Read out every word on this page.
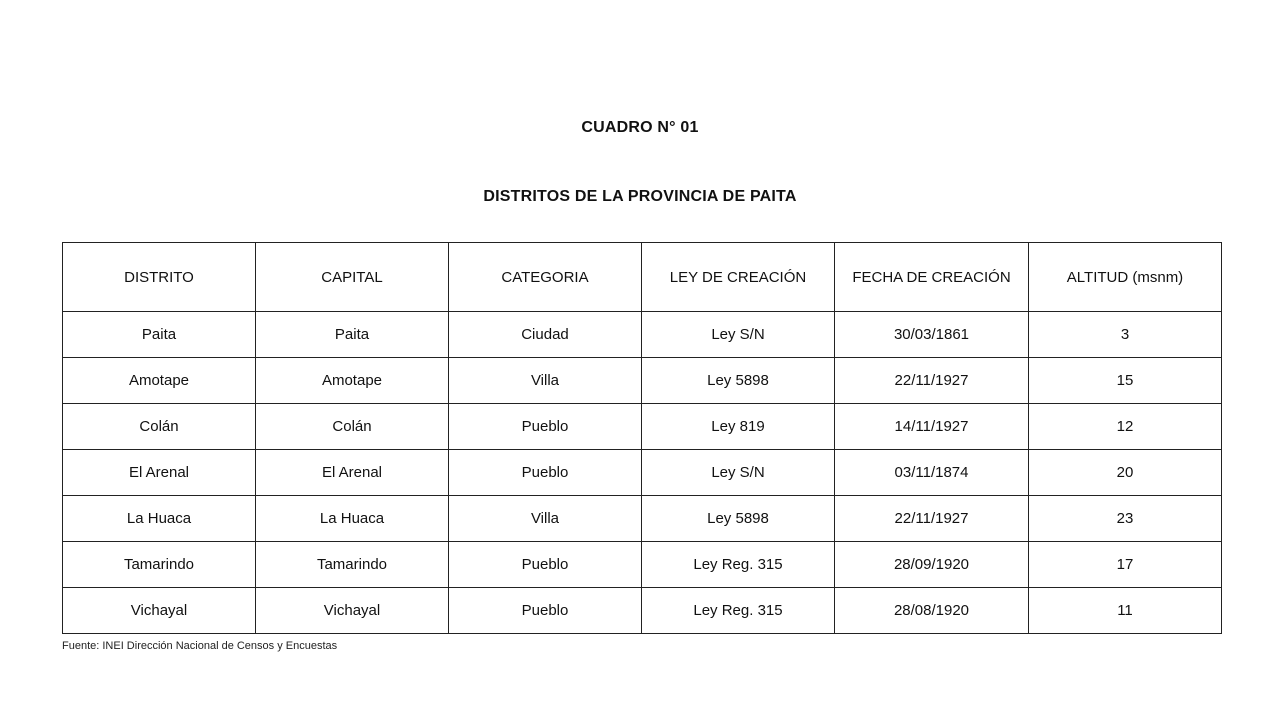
CUADRO N° 01
DISTRITOS DE LA PROVINCIA DE PAITA
DISTRITO	CAPITAL	CATEGORIA	LEY DE CREACIÓN	FECHA DE CREACIÓN	ALTITUD (msnm)
Paita	Paita	Ciudad	Ley S/N	30/03/1861	3
Amotape	Amotape	Villa	Ley 5898	22/11/1927	15
Colán	Colán	Pueblo	Ley 819	14/11/1927	12
El Arenal	El Arenal	Pueblo	Ley S/N	03/11/1874	20
La Huaca	La Huaca	Villa	Ley 5898	22/11/1927	23
Tamarindo	Tamarindo	Pueblo	Ley Reg. 315	28/09/1920	17
Vichayal	Vichayal	Pueblo	Ley Reg. 315	28/08/1920	11
Fuente: INEI Dirección Nacional de Censos y Encuestas
